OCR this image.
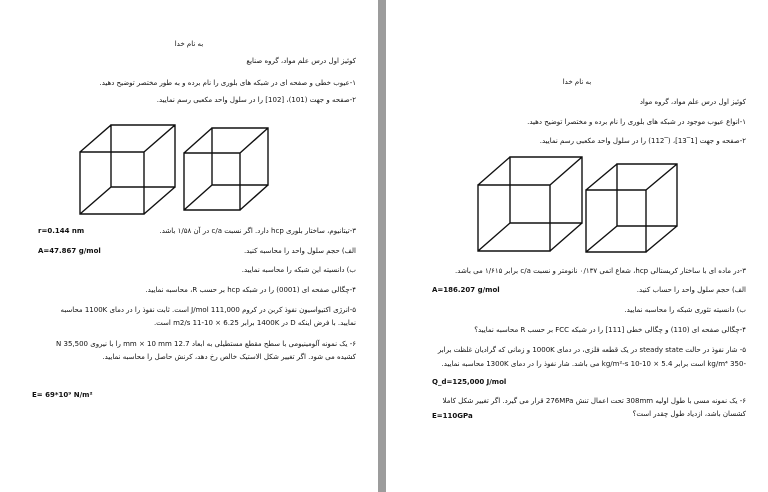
به نام خدا
کوئیز اول درس علم مواد، گروه صنایع
۱-عیوب خطی و صفحه ای در شبکه های بلوری را نام برده و به طور مختصر توضیح دهید.
۲-صفحه و جهت (101)، [102] را در سلول واحد مکعبی رسم نمایید.
r=0.144 nm	۳-تیتانیوم، ساختار بلوری hcp دارد. اگر نسبت c/a در آن ۱/۵۸ باشد.
A=47.867 g/mol	الف) حجم سلول واحد را محاسبه کنید.
ب) دانسیته این شبکه را محاسبه نمایید.
۴-چگالی صفحه ای (0001) را در شبکه hcp بر حسب R، محاسبه نمایید.
۵-انرژی اکتیواسیون نفوذ کربن در کروم 111,000 J/mol است. ثابت نفوذ را در دمای 1100K محاسبه
نمایید. با فرض اینکه D در 1400K برابر m2/s 11-10 × 6.25 است.
۶- یک نمونه آلومینیومی با سطح مقطع مستطیلی به ابعاد 12.7 mm × 10 mm را با نیروی 35,500 N
کشیده می شود. اگر تغییر شکل الاستیک خالص رخ دهد، کرنش حاصل را محاسبه نمایید.
E= 69*10⁹ N/m²
به نام خدا
کوئیز اول درس علم مواد، گروه مواد
۱-انواع عیوب موجود در شبکه های بلوری را نام برده و مختصرا توضیح دهید.
۲-صفحه و جهت [1‾13]، (‾112) را در سلول واحد مکعبی رسم نمایید.
۳-در ماده ای با ساختار کریستالی hcp، شعاع اتمی ۰/۱۳۷ نانومتر و نسبت c/a برابر ۱/۶۱۵ می باشد.
A=186.207 g/mol	الف) حجم سلول واحد را حساب کنید.
ب) دانسیته تئوری شبکه را محاسبه نمایید.
۴-چگالی صفحه ای (110) و چگالی خطی [111] را در شبکه FCC بر حسب R محاسبه نمایید؟
۵- شار نفوذ در حالت steady state در یک قطعه فلزی، در دمای 1000K و زمانی که گرادیان غلظت برابر
-350 kg/m⁴ است برابر kg/m²-s 10-10 × 5.4 می باشد. شار نفوذ را در دمای 1300K محاسبه نمایید.
Q_d=125,000 J/mol
۶- یک نمونه مسی با طول اولیه 308mm تحت اعمال تنش 276MPa قرار می گیرد. اگر تغییر شکل کاملا
کشسان باشد، ازدیاد طول چقدر است؟
E=110GPa
